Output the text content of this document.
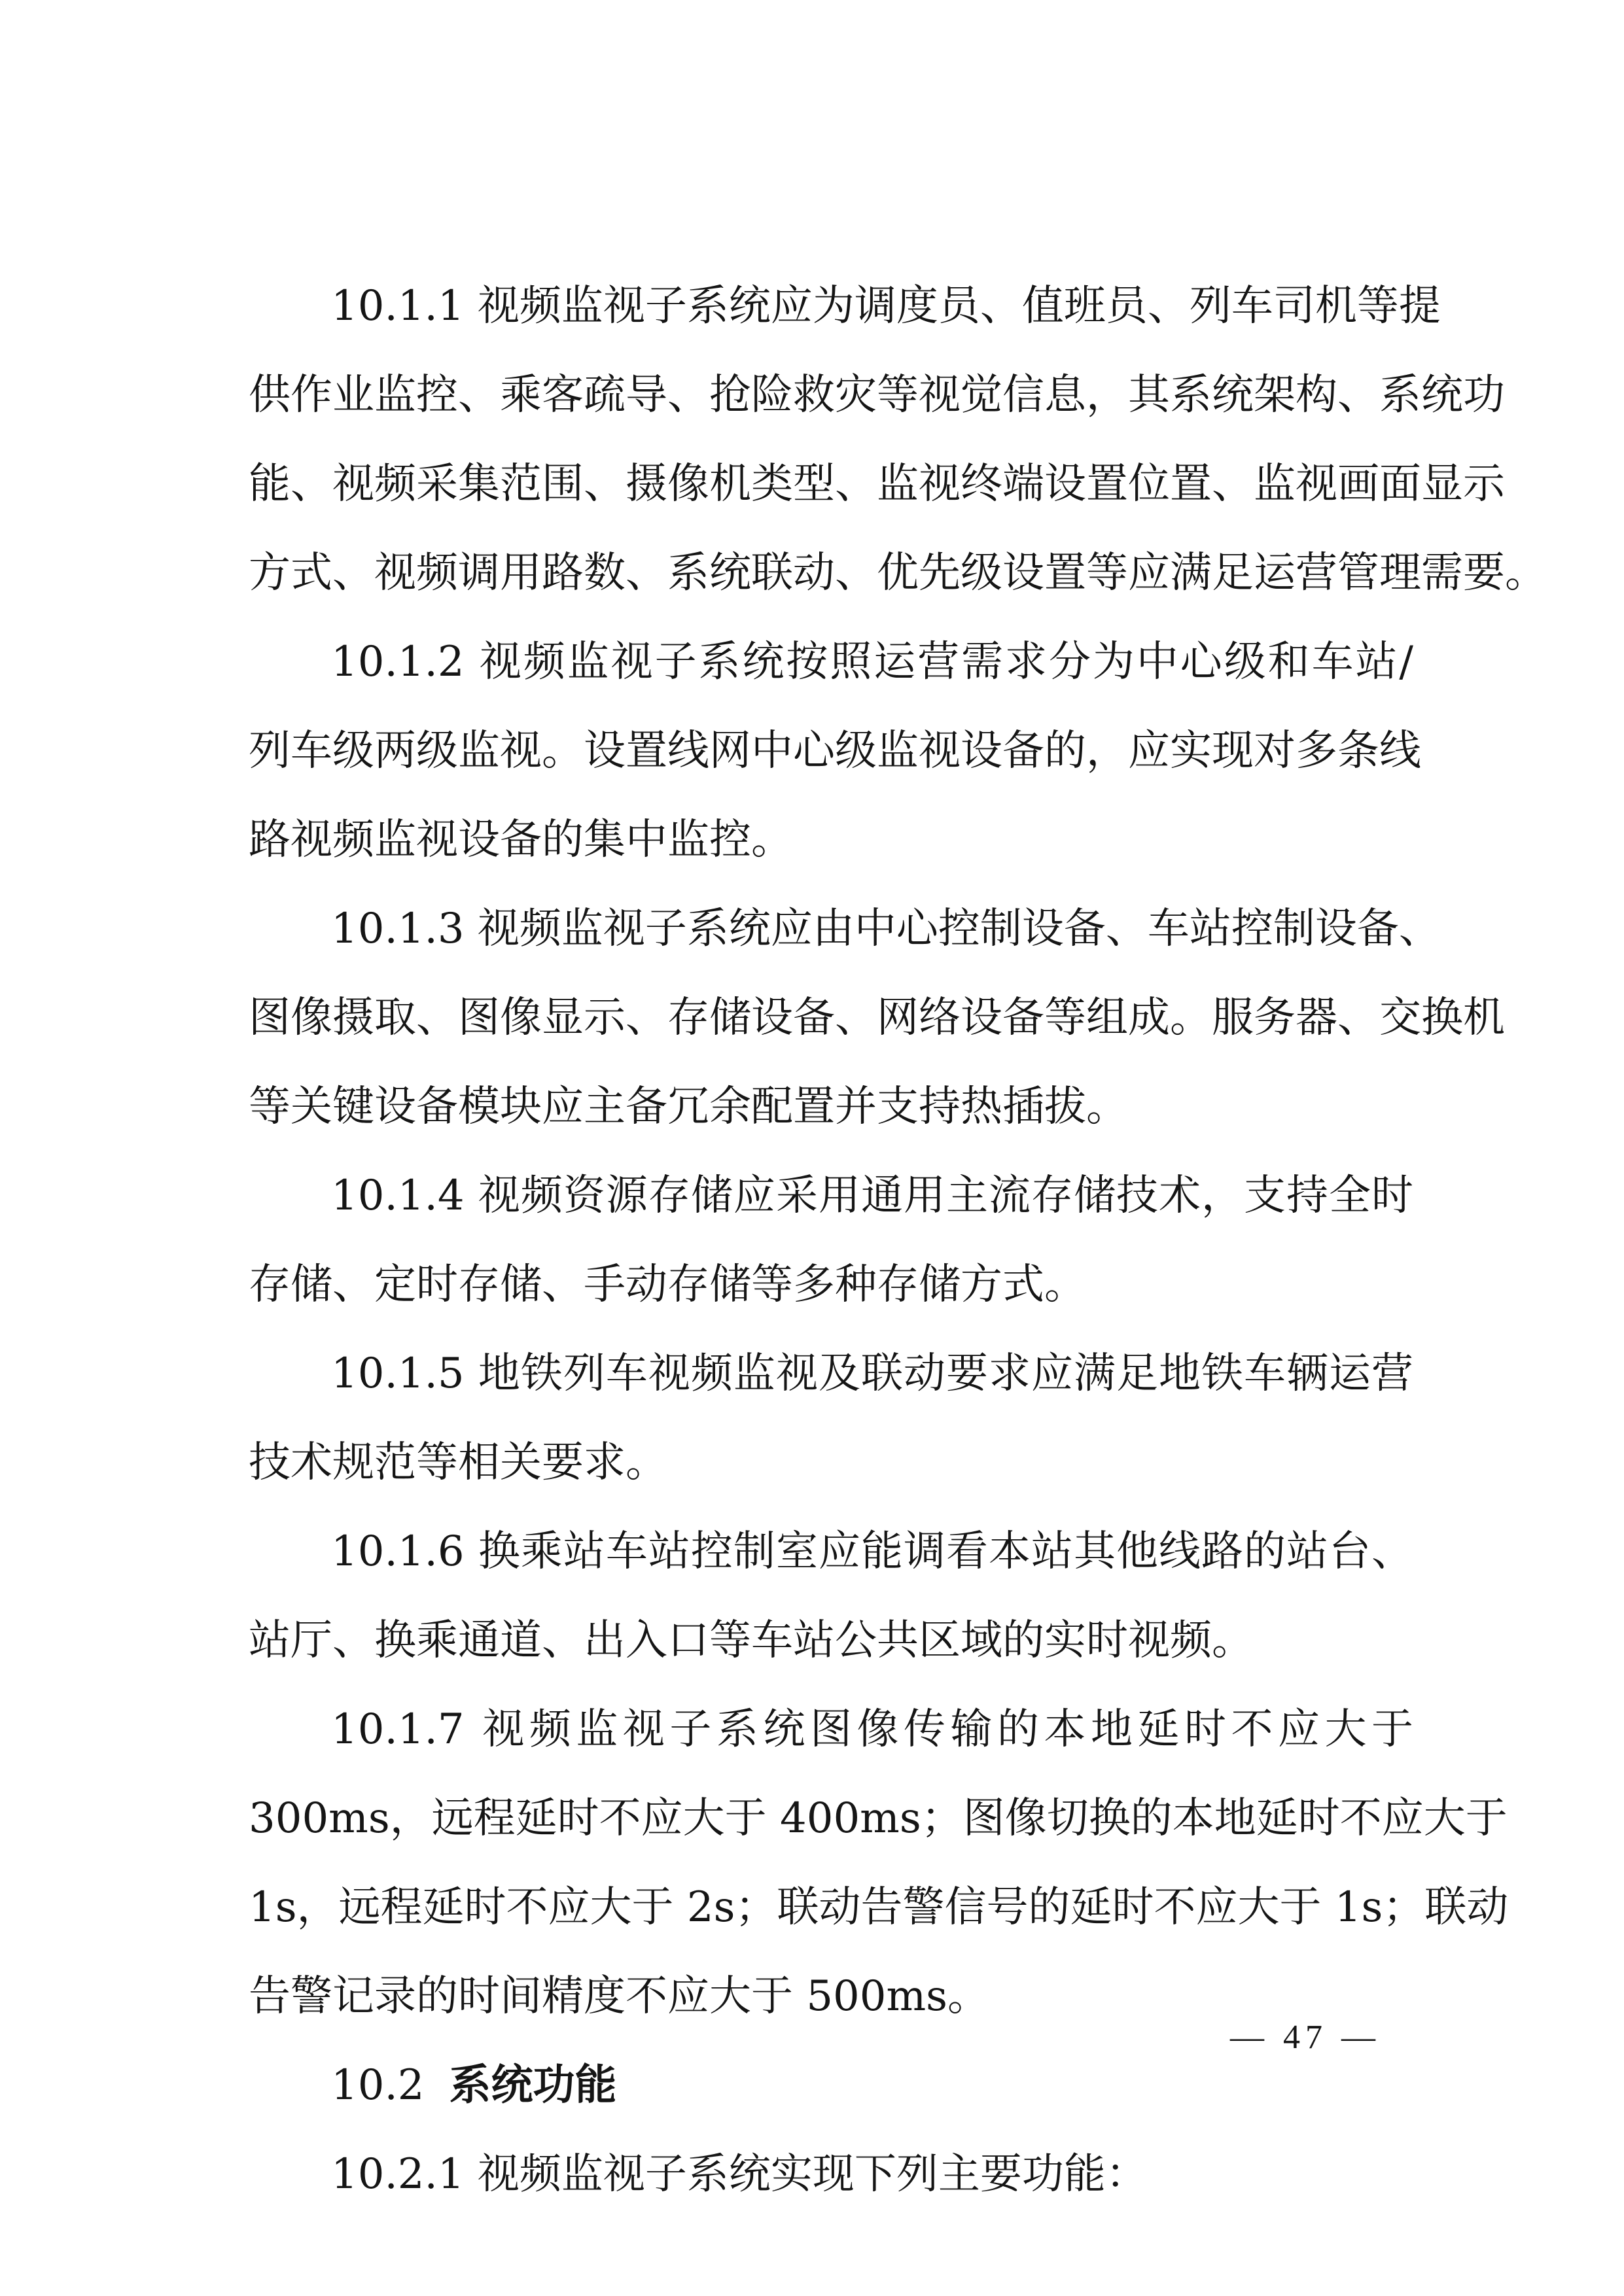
10.1.1 视频监视子系统应为调度员、值班员、列车司机等提
供作业监控、乘客疏导、抢险救灾等视觉信息，其系统架构、系统功
能、视频采集范围、摄像机类型、监视终端设置位置、监视画面显示
方式、视频调用路数、系统联动、优先级设置等应满足运营管理需要。
10.1.2 视频监视子系统按照运营需求分为中心级和车站/
列车级两级监视。设置线网中心级监视设备的，应实现对多条线
路视频监视设备的集中监控。
10.1.3 视频监视子系统应由中心控制设备、车站控制设备、
图像摄取、图像显示、存储设备、网络设备等组成。服务器、交换机
等关键设备模块应主备冗余配置并支持热插拔。
10.1.4 视频资源存储应采用通用主流存储技术，支持全时
存储、定时存储、手动存储等多种存储方式。
10.1.5 地铁列车视频监视及联动要求应满足地铁车辆运营
技术规范等相关要求。
10.1.6 换乘站车站控制室应能调看本站其他线路的站台、
站厅、换乘通道、出入口等车站公共区域的实时视频。
10.1.7 视频监视子系统图像传输的本地延时不应大于
300ms，远程延时不应大于 400ms；图像切换的本地延时不应大于
1s，远程延时不应大于 2s；联动告警信号的延时不应大于 1s；联动
告警记录的时间精度不应大于 500ms。
10.2 系统功能
10.2.1 视频监视子系统实现下列主要功能：
— 47 —
